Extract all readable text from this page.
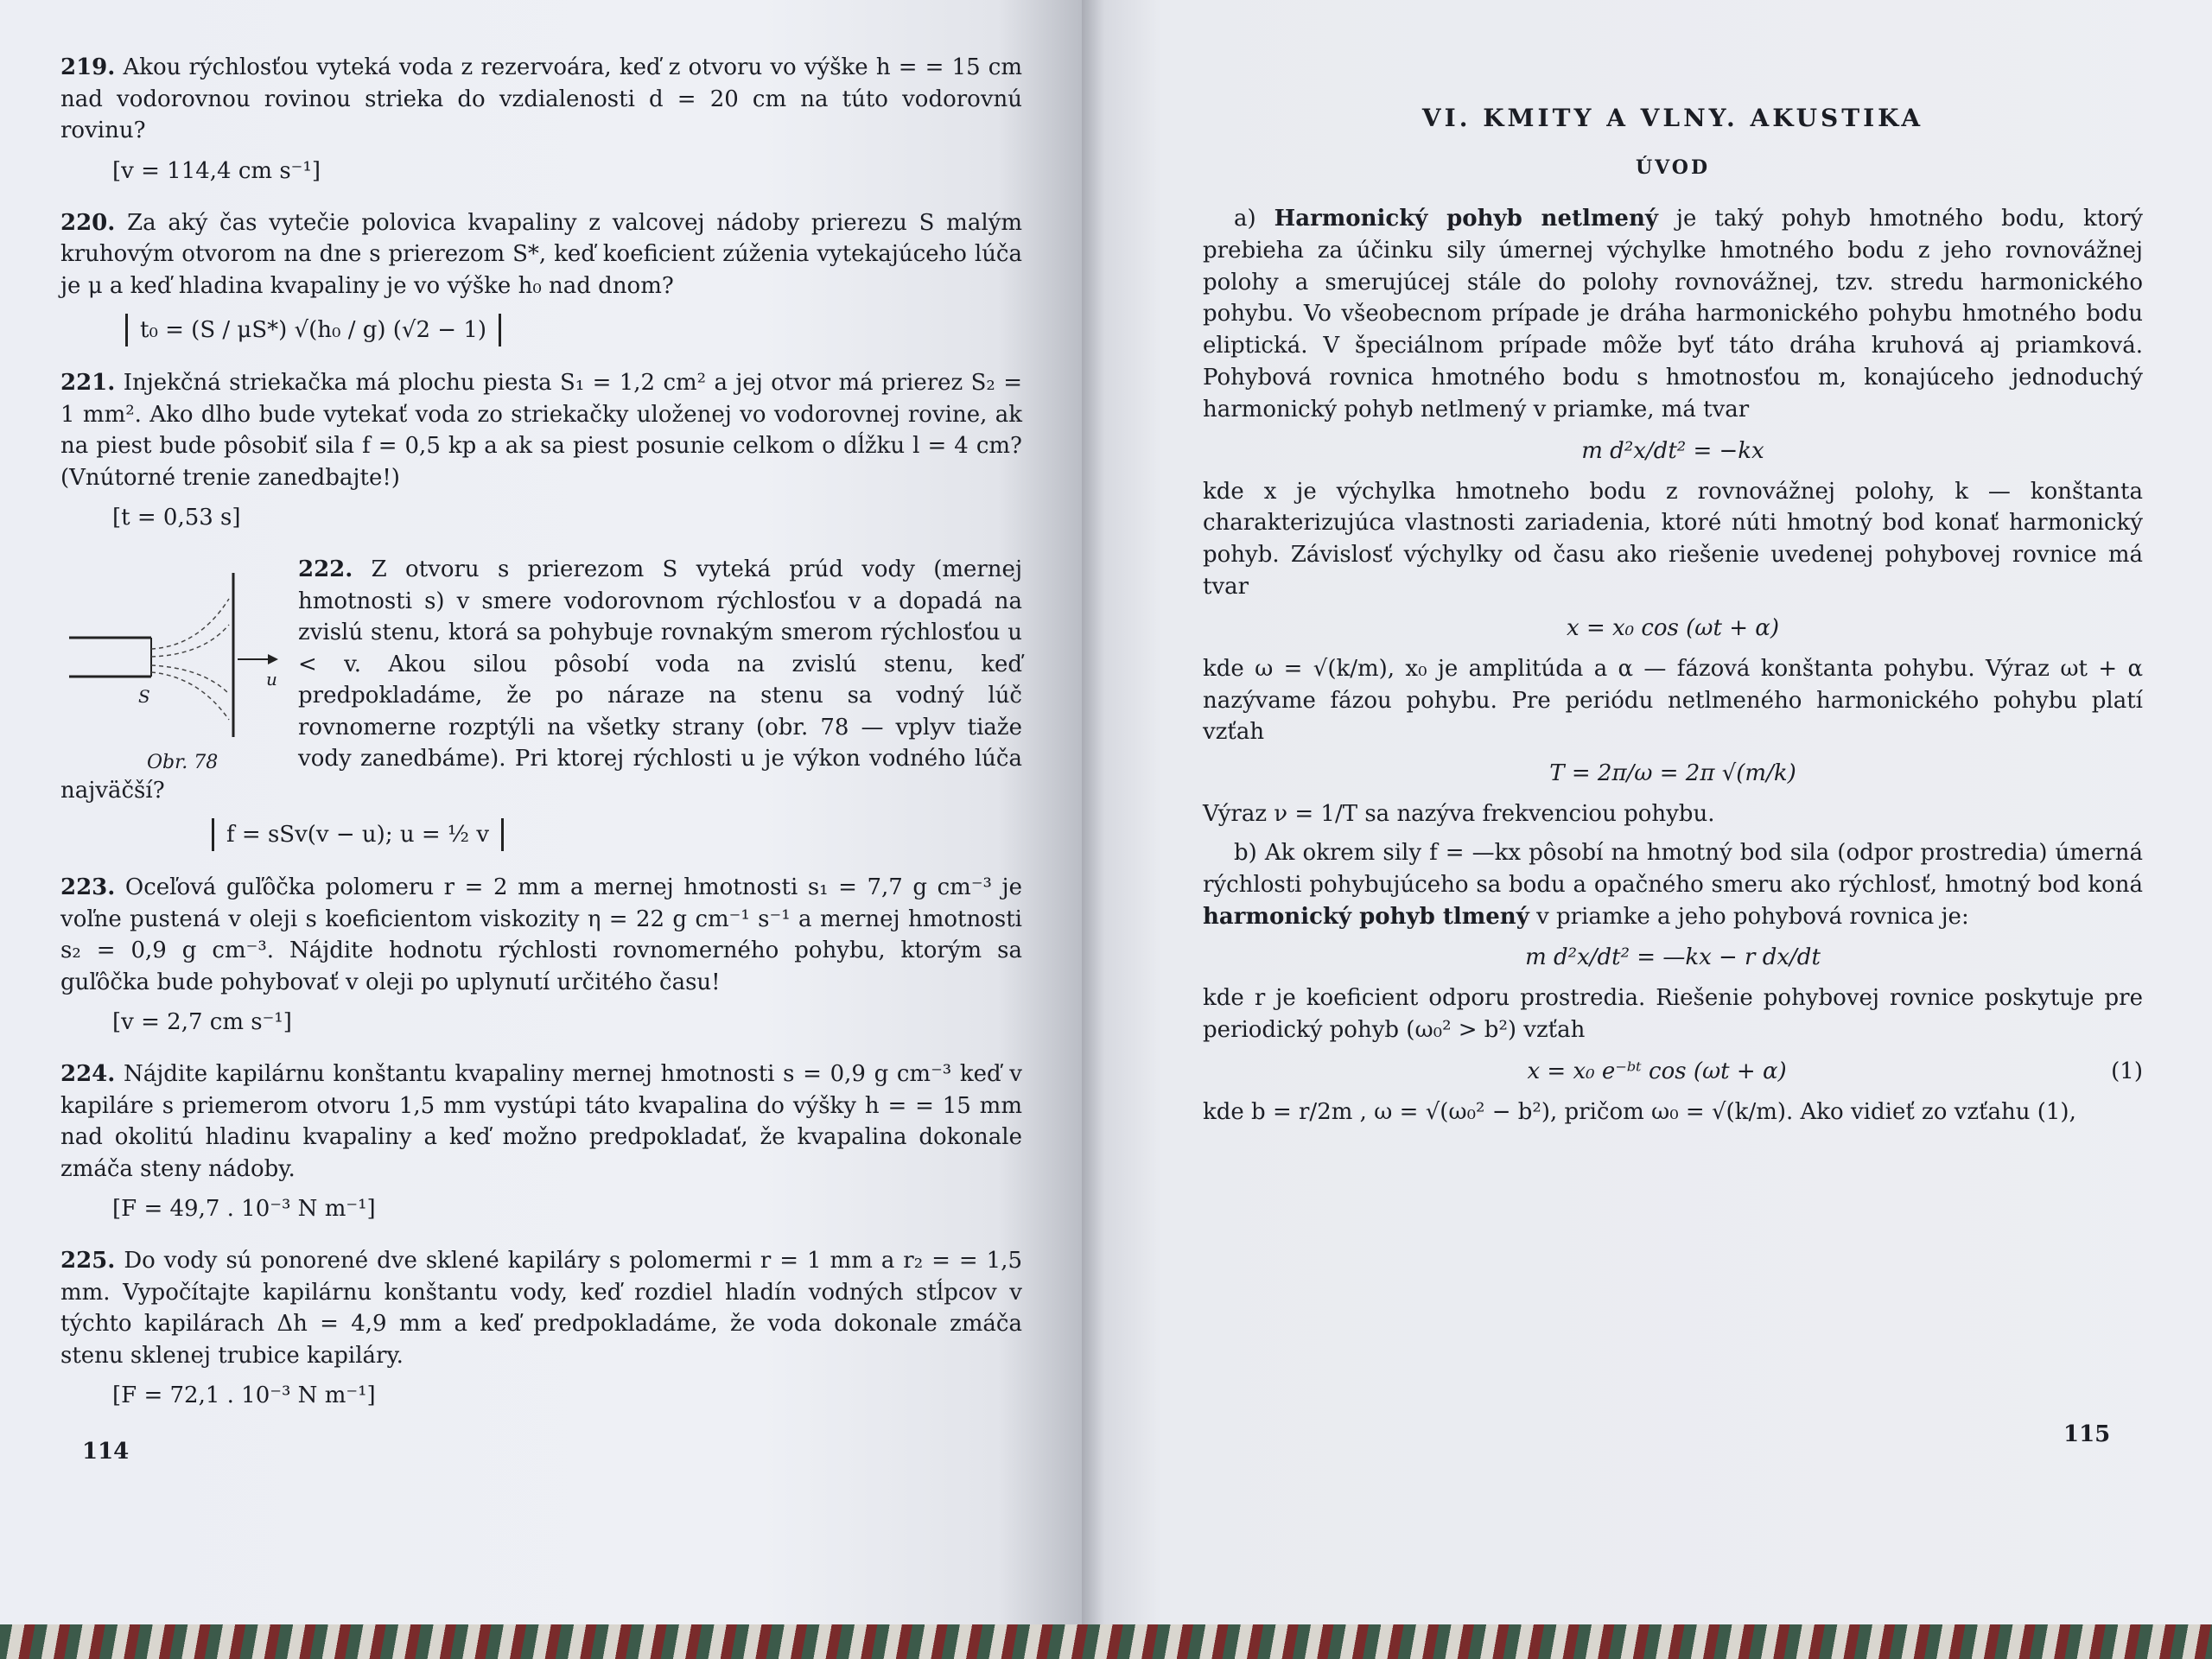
219. Akou rýchlosťou vyteká voda z rezervoára, keď z otvoru vo výške h = = 15 cm nad vodorovnou rovinou strieka do vzdialenosti d = 20 cm na túto vodorovnú rovinu?

[v = 114,4 cm s⁻¹]

220. Za aký čas vytečie polovica kvapaliny z valcovej nádoby prierezu S malým kruhovým otvorom na dne s prierezom S*, keď koeficient zúženia vytekajúceho lúča je μ a keď hladina kvapaliny je vo výške h₀ nad dnom?

t₀ = (S / μS*) √(h₀ / g) (√2 − 1)

221. Injekčná striekačka má plochu piesta S₁ = 1,2 cm² a jej otvor má prierez S₂ = 1 mm². Ako dlho bude vytekať voda zo striekačky uloženej vo vodorovnej rovine, ak na piest bude pôsobiť sila f = 0,5 kp a ak sa piest posunie celkom o dĺžku l = 4 cm? (Vnútorné trenie zanedbajte!)

[t = 0,53 s]

S
u
Obr. 78
222. Z otvoru s prierezom S vyteká prúd vody (mernej hmotnosti s) v smere vodorovnom rýchlosťou v a dopadá na zvislú stenu, ktorá sa pohybuje rovnakým smerom rýchlosťou u < v. Akou silou pôsobí voda na zvislú stenu, keď predpokladáme, že po náraze na stenu sa vodný lúč rovnomerne rozptýli na všetky strany (obr. 78 — vplyv tiaže vody zanedbáme). Pri ktorej rýchlosti u je výkon vodného lúča najväčší?

f = sSv(v − u); u = ½ v

223. Oceľová guľôčka polomeru r = 2 mm a mernej hmotnosti s₁ = 7,7 g cm⁻³ je voľne pustená v oleji s koeficientom viskozity η = 22 g cm⁻¹ s⁻¹ a mernej hmotnosti s₂ = 0,9 g cm⁻³. Nájdite hodnotu rýchlosti rovnomerného pohybu, ktorým sa guľôčka bude pohybovať v oleji po uplynutí určitého času!

[v = 2,7 cm s⁻¹]

224. Nájdite kapilárnu konštantu kvapaliny mernej hmotnosti s = 0,9 g cm⁻³ keď v kapiláre s priemerom otvoru 1,5 mm vystúpi táto kvapalina do výšky h = = 15 mm nad okolitú hladinu kvapaliny a keď možno predpokladať, že kvapalina dokonale zmáča steny nádoby.

[F = 49,7 . 10⁻³ N m⁻¹]

225. Do vody sú ponorené dve sklené kapiláry s polomermi r = 1 mm a r₂ = = 1,5 mm. Vypočítajte kapilárnu konštantu vody, keď rozdiel hladín vodných stĺpcov v týchto kapilárach Δh = 4,9 mm a keď predpokladáme, že voda dokonale zmáča stenu sklenej trubice kapiláry.

[F = 72,1 . 10⁻³ N m⁻¹]
114
VI. KMITY A VLNY. AKUSTIKA
ÚVOD

a) Harmonický pohyb netlmený je taký pohyb hmotného bodu, ktorý prebieha za účinku sily úmernej výchylke hmotného bodu z jeho rovnovážnej polohy a smerujúcej stále do polohy rovnovážnej, tzv. stredu harmonického pohybu. Vo všeobecnom prípade je dráha harmonického pohybu hmotného bodu eliptická. V špeciálnom prípade môže byť táto dráha kruhová aj priamková. Pohybová rovnica hmotného bodu s hmotnosťou m, konajúceho jednoduchý harmonický pohyb netlmený v priamke, má tvar

m d²x/dt² = −kx

kde x je výchylka hmotneho bodu z rovnovážnej polohy, k — konštanta charakterizujúca vlastnosti zariadenia, ktoré núti hmotný bod konať harmonický pohyb. Závislosť výchylky od času ako riešenie uvedenej pohybovej rovnice má tvar

x = x₀ cos (ωt + α)

kde ω = √(k/m), x₀ je amplitúda a α — fázová konštanta pohybu. Výraz ωt + α nazývame fázou pohybu. Pre periódu netlmeného harmonického pohybu platí vzťah

T = 2π/ω = 2π √(m/k)

Výraz ν = 1/T sa nazýva frekvenciou pohybu.

b) Ak okrem sily f = —kx pôsobí na hmotný bod sila (odpor prostredia) úmerná rýchlosti pohybujúceho sa bodu a opačného smeru ako rýchlosť, hmotný bod koná harmonický pohyb tlmený v priamke a jeho pohybová rovnica je:

m d²x/dt² = —kx − r dx/dt

kde r je koeficient odporu prostredia. Riešenie pohybovej rovnice poskytuje pre periodický pohyb (ω₀² > b²) vzťah

x = x₀ e⁻ᵇᵗ cos (ωt + α)	(1)

kde b = r/2m , ω = √(ω₀² − b²), pričom ω₀ = √(k/m). Ako vidieť zo vzťahu (1),

115
